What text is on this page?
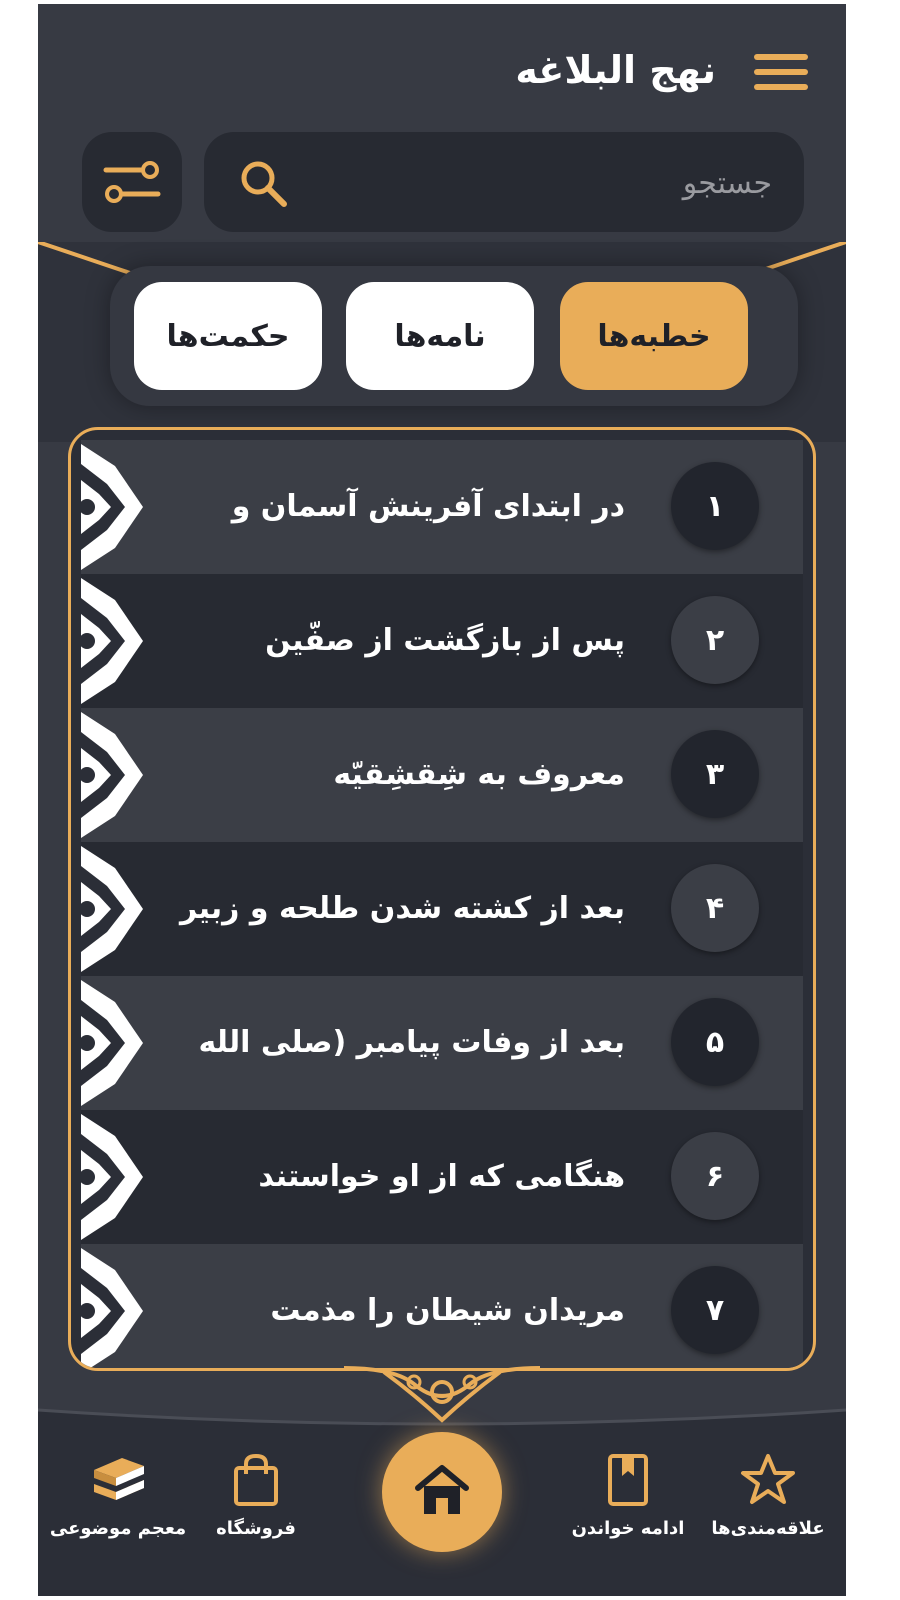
نهج البلاغه
جستجو
خطبه‌ها
نامه‌ها
حکمت‌ها
در ابتدای آفرینش آسمان و	۱
پس از بازگشت از صفّین	۲
معروف به شِقشِقیّه	۳
بعد از کشته شدن طلحه و زبیر	۴
بعد از وفات پیامبر (صلی الله	۵
هنگامی که از او خواستند	۶
مریدان شیطان را مذمت	۷
علاقه‌مندی‌ها
ادامه خواندن
فروشگاه
معجم موضوعی
